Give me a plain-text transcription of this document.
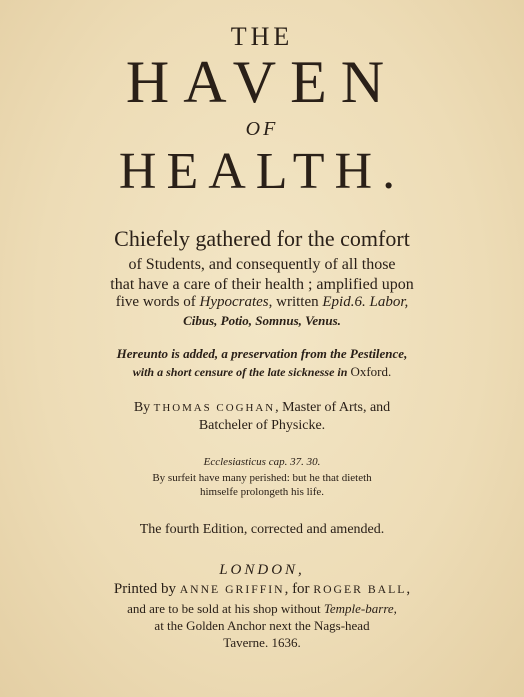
THE
HAVEN
OF
HEALTH.
Chiefely gathered for the comfort
of Students, and consequently of all those
that have a care of their health ; amplified upon
five words of Hypocrates, written Epid.6. Labor,
Cibus, Potio, Somnus, Venus.
Hereunto is added, a preservation from the Pestilence,
with a short censure of the late sicknesse in Oxford.
By THOMAS COGHAN, Master of Arts, and
Batcheler of Physicke.
Ecclesiasticus cap. 37. 30.
By surfeit have many perished: but he that dieteth
himselfe prolongeth his life.
The fourth Edition, corrected and amended.
LONDON,
Printed by ANNE GRIFFIN, for ROGER BALL,
and are to be sold at his shop without Temple-barre,
at the Golden Anchor next the Nags-head
Taverne. 1636.
